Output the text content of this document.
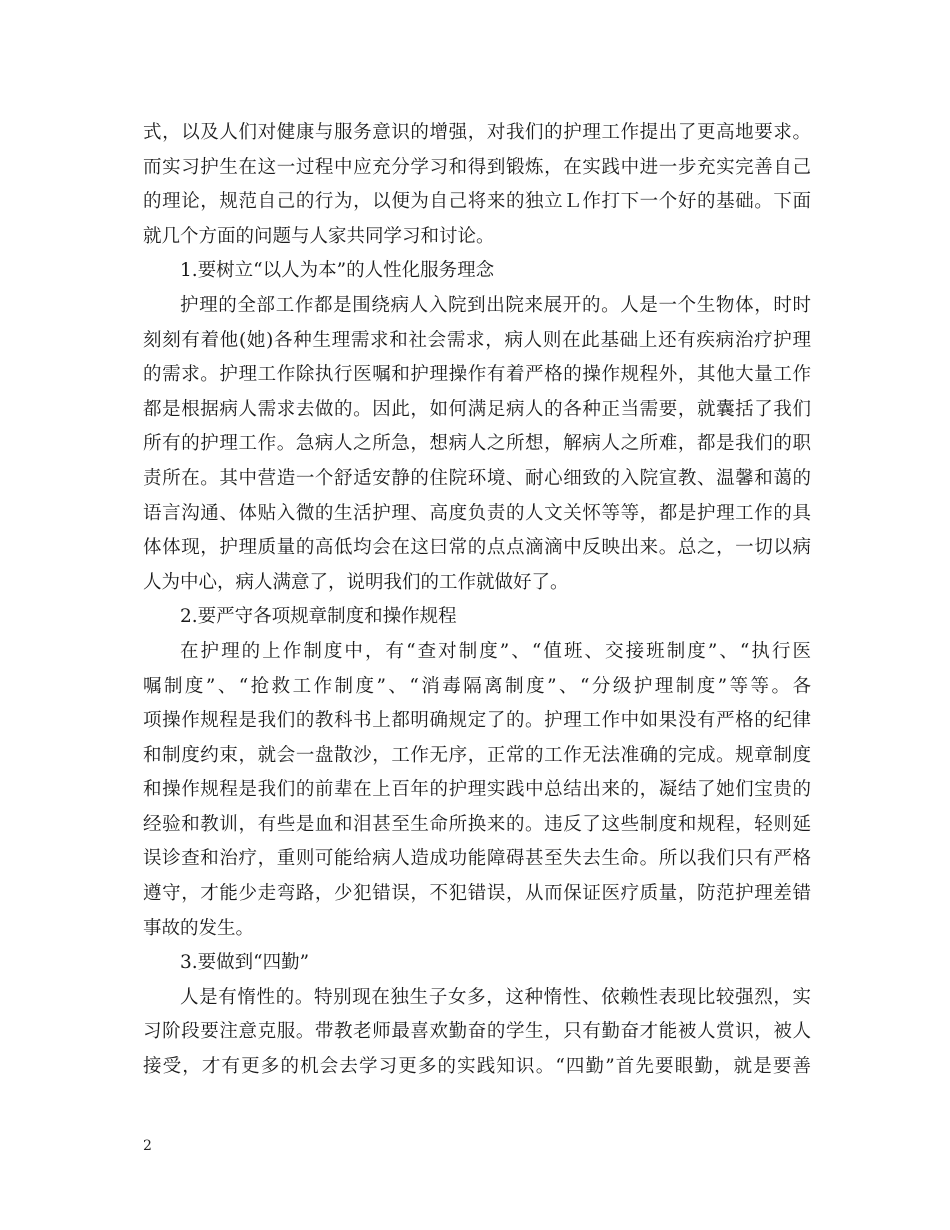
式，以及人们对健康与服务意识的增强，对我们的护理工作提出了更高地要求。
而实习护生在这一过程中应充分学习和得到锻炼，在实践中进一步充实完善自己
的理论，规范自己的行为，以便为自己将来的独立Ｌ作打下一个好的基础。下面
就几个方面的问题与人家共同学习和讨论。
1.要树立“以人为本”的人性化服务理念
护理的全部工作都是围绕病人入院到出院来展开的。人是一个生物体，时时
刻刻有着他(她)各种生理需求和社会需求，病人则在此基础上还有疾病治疗护理
的需求。护理工作除执行医嘱和护理操作有着严格的操作规程外，其他大量工作
都是根据病人需求去做的。因此，如何满足病人的各种正当需要，就囊括了我们
所有的护理工作。急病人之所急，想病人之所想，解病人之所难，都是我们的职
责所在。其中营造一个舒适安静的住院环境、耐心细致的入院宣教、温馨和蔼的
语言沟通、体贴入微的生活护理、高度负责的人文关怀等等，都是护理工作的具
体体现，护理质量的高低均会在这曰常的点点滴滴中反映出来。总之，一切以病
人为中心，病人满意了，说明我们的工作就做好了。
2.要严守各项规章制度和操作规程
在护理的上作制度中，有“查对制度”、“值班、交接班制度”、“执行医
嘱制度”、“抢救工作制度”、“消毒隔离制度”、“分级护理制度”等等。各
项操作规程是我们的教科书上都明确规定了的。护理工作中如果没有严格的纪律
和制度约束，就会一盘散沙，工作无序，正常的工作无法准确的完成。规章制度
和操作规程是我们的前辈在上百年的护理实践中总结出来的，凝结了她们宝贵的
经验和教训，有些是血和泪甚至生命所换来的。违反了这些制度和规程，轻则延
误诊查和治疗，重则可能给病人造成功能障碍甚至失去生命。所以我们只有严格
遵守，才能少走弯路，少犯错误，不犯错误，从而保证医疗质量，防范护理差错
事故的发生。
3.要做到“四勤”
人是有惰性的。特别现在独生子女多，这种惰性、依赖性表现比较强烈，实
习阶段要注意克服。带教老师最喜欢勤奋的学生，只有勤奋才能被人赏识，被人
接受，才有更多的机会去学习更多的实践知识。“四勤”首先要眼勤，就是要善
2
